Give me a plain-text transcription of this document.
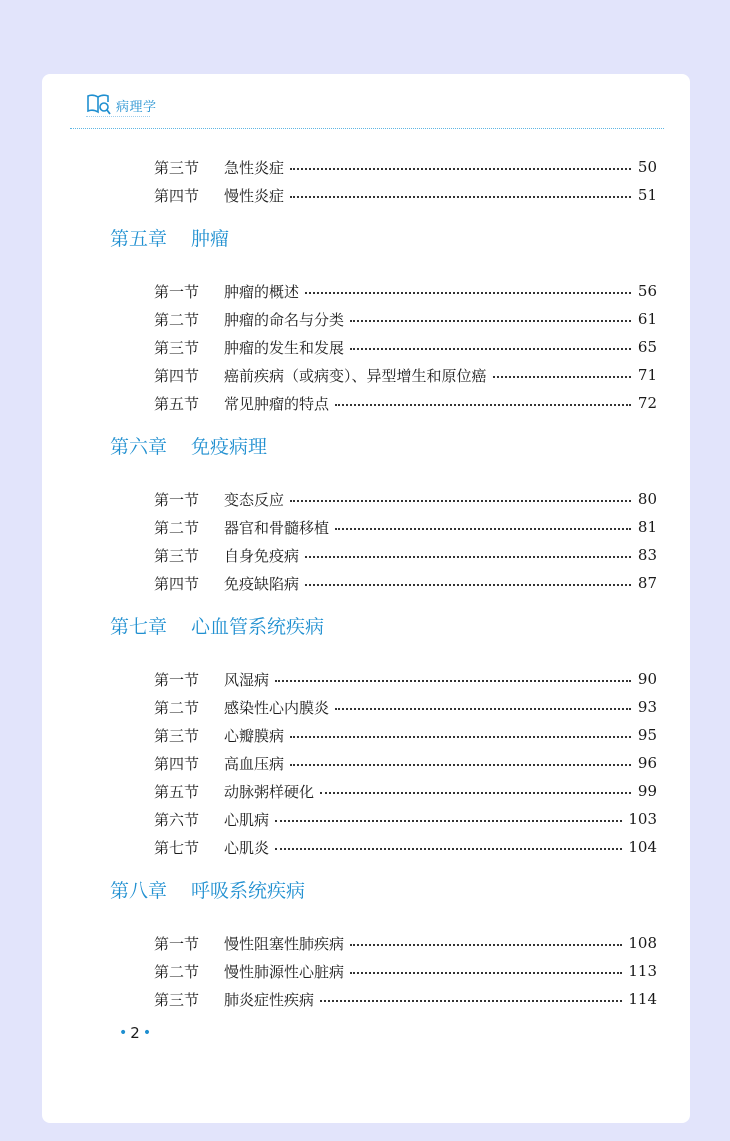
病理学
第三节	急性炎症	50
第四节	慢性炎症	51
第五章 肿瘤
第一节	肿瘤的概述	56
第二节	肿瘤的命名与分类	61
第三节	肿瘤的发生和发展	65
第四节	癌前疾病（或病变）、异型增生和原位癌	71
第五节	常见肿瘤的特点	72
第六章 免疫病理
第一节	变态反应	80
第二节	器官和骨髓移植	81
第三节	自身免疫病	83
第四节	免疫缺陷病	87
第七章 心血管系统疾病
第一节	风湿病	90
第二节	感染性心内膜炎	93
第三节	心瓣膜病	95
第四节	高血压病	96
第五节	动脉粥样硬化	99
第六节	心肌病	103
第七节	心肌炎	104
第八章 呼吸系统疾病
第一节	慢性阻塞性肺疾病	108
第二节	慢性肺源性心脏病	113
第三节	肺炎症性疾病	114
• 2 •
